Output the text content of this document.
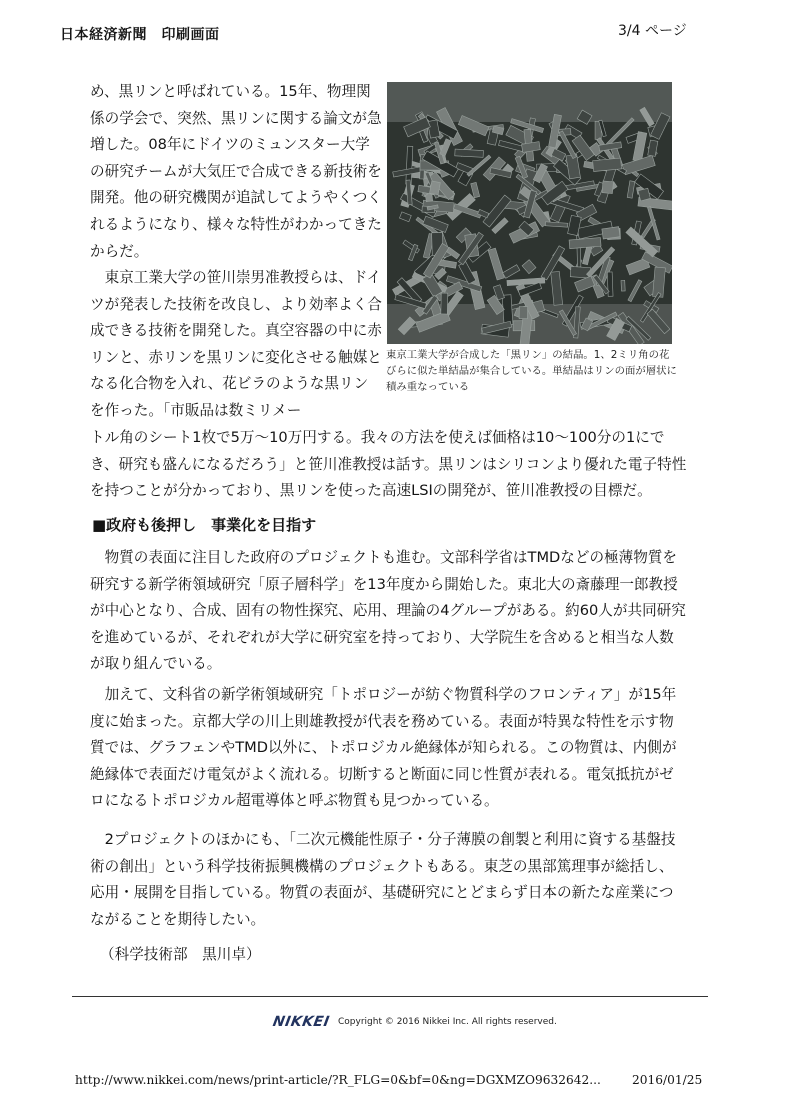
日本経済新聞　印刷画面	3/4 ページ

め、黒リンと呼ばれている。15年、物理関係の学会で、突然、黒リンに関する論文が急増した。08年にドイツのミュンスター大学の研究チームが大気圧で合成できる新技術を開発。他の研究機関が追試してようやくつくれるようになり、様々な特性がわかってきたからだ。

東京工業大学の笹川崇男准教授らは、ドイツが発表した技術を改良し、より効率よく合成できる技術を開発した。真空容器の中に赤リンと、赤リンを黒リンに変化させる触媒となる化合物を入れ、花ビラのような黒リンを作った。「市販品は数ミリメー

トル角のシート1枚で5万～10万円する。我々の方法を使えば価格は10～100分の1にでき、研究も盛んになるだろう」と笹川准教授は話す。黒リンはシリコンより優れた電子特性を持つことが分かっており、黒リンを使った高速LSIの開発が、笹川准教授の目標だ。

東京工業大学が合成した「黒リン」の結晶。1、2ミリ角の花びらに似た単結晶が集合している。単結晶はリンの面が層状に積み重なっている
■政府も後押し　事業化を目指す

物質の表面に注目した政府のプロジェクトも進む。文部科学省はTMDなどの極薄物質を研究する新学術領域研究「原子層科学」を13年度から開始した。東北大の斎藤理一郎教授が中心となり、合成、固有の物性探究、応用、理論の4グループがある。約60人が共同研究を進めているが、それぞれが大学に研究室を持っており、大学院生を含めると相当な人数が取り組んでいる。

加えて、文科省の新学術領域研究「トポロジーが紡ぐ物質科学のフロンティア」が15年度に始まった。京都大学の川上則雄教授が代表を務めている。表面が特異な特性を示す物質では、グラフェンやTMD以外に、トポロジカル絶縁体が知られる。この物質は、内側が絶縁体で表面だけ電気がよく流れる。切断すると断面に同じ性質が表れる。電気抵抗がゼロになるトポロジカル超電導体と呼ぶ物質も見つかっている。

2プロジェクトのほかにも、「二次元機能性原子・分子薄膜の創製と利用に資する基盤技術の創出」という科学技術振興機構のプロジェクトもある。東芝の黒部篤理事が総括し、応用・展開を目指している。物質の表面が、基礎研究にとどまらず日本の新たな産業につながることを期待したい。

（科学技術部　黒川卓）
NIKKEI Copyright © 2016 Nikkei Inc. All rights reserved.
http://www.nikkei.com/news/print-article/?R_FLG=0&bf=0&ng=DGXMZO9632642...	2016/01/25
